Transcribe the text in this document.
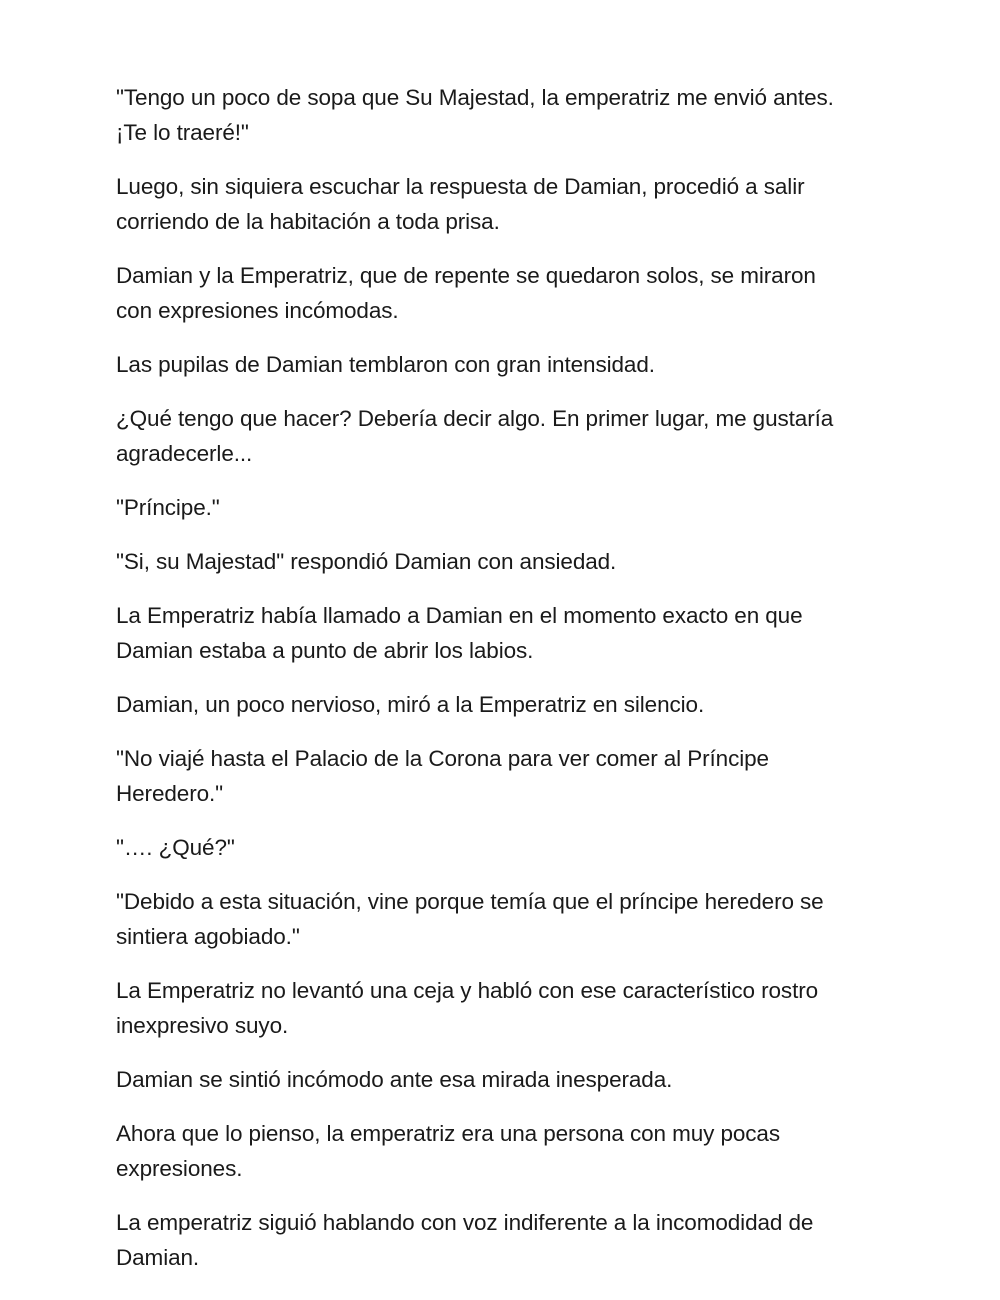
"Tengo un poco de sopa que Su Majestad, la emperatriz me envió antes.
¡Te lo traeré!"

Luego, sin siquiera escuchar la respuesta de Damian, procedió a salir
corriendo de la habitación a toda prisa.

Damian y la Emperatriz, que de repente se quedaron solos, se miraron
con expresiones incómodas.

Las pupilas de Damian temblaron con gran intensidad.

¿Qué tengo que hacer? Debería decir algo. En primer lugar, me gustaría
agradecerle...

"Príncipe."

"Si, su Majestad" respondió Damian con ansiedad.

La Emperatriz había llamado a Damian en el momento exacto en que
Damian estaba a punto de abrir los labios.

Damian, un poco nervioso, miró a la Emperatriz en silencio.

"No viajé hasta el Palacio de la Corona para ver comer al Príncipe
Heredero."

"…. ¿Qué?"

"Debido a esta situación, vine porque temía que el príncipe heredero se
sintiera agobiado."

La Emperatriz no levantó una ceja y habló con ese característico rostro
inexpresivo suyo.

Damian se sintió incómodo ante esa mirada inesperada.

Ahora que lo pienso, la emperatriz era una persona con muy pocas
expresiones.

La emperatriz siguió hablando con voz indiferente a la incomodidad de
Damian.
